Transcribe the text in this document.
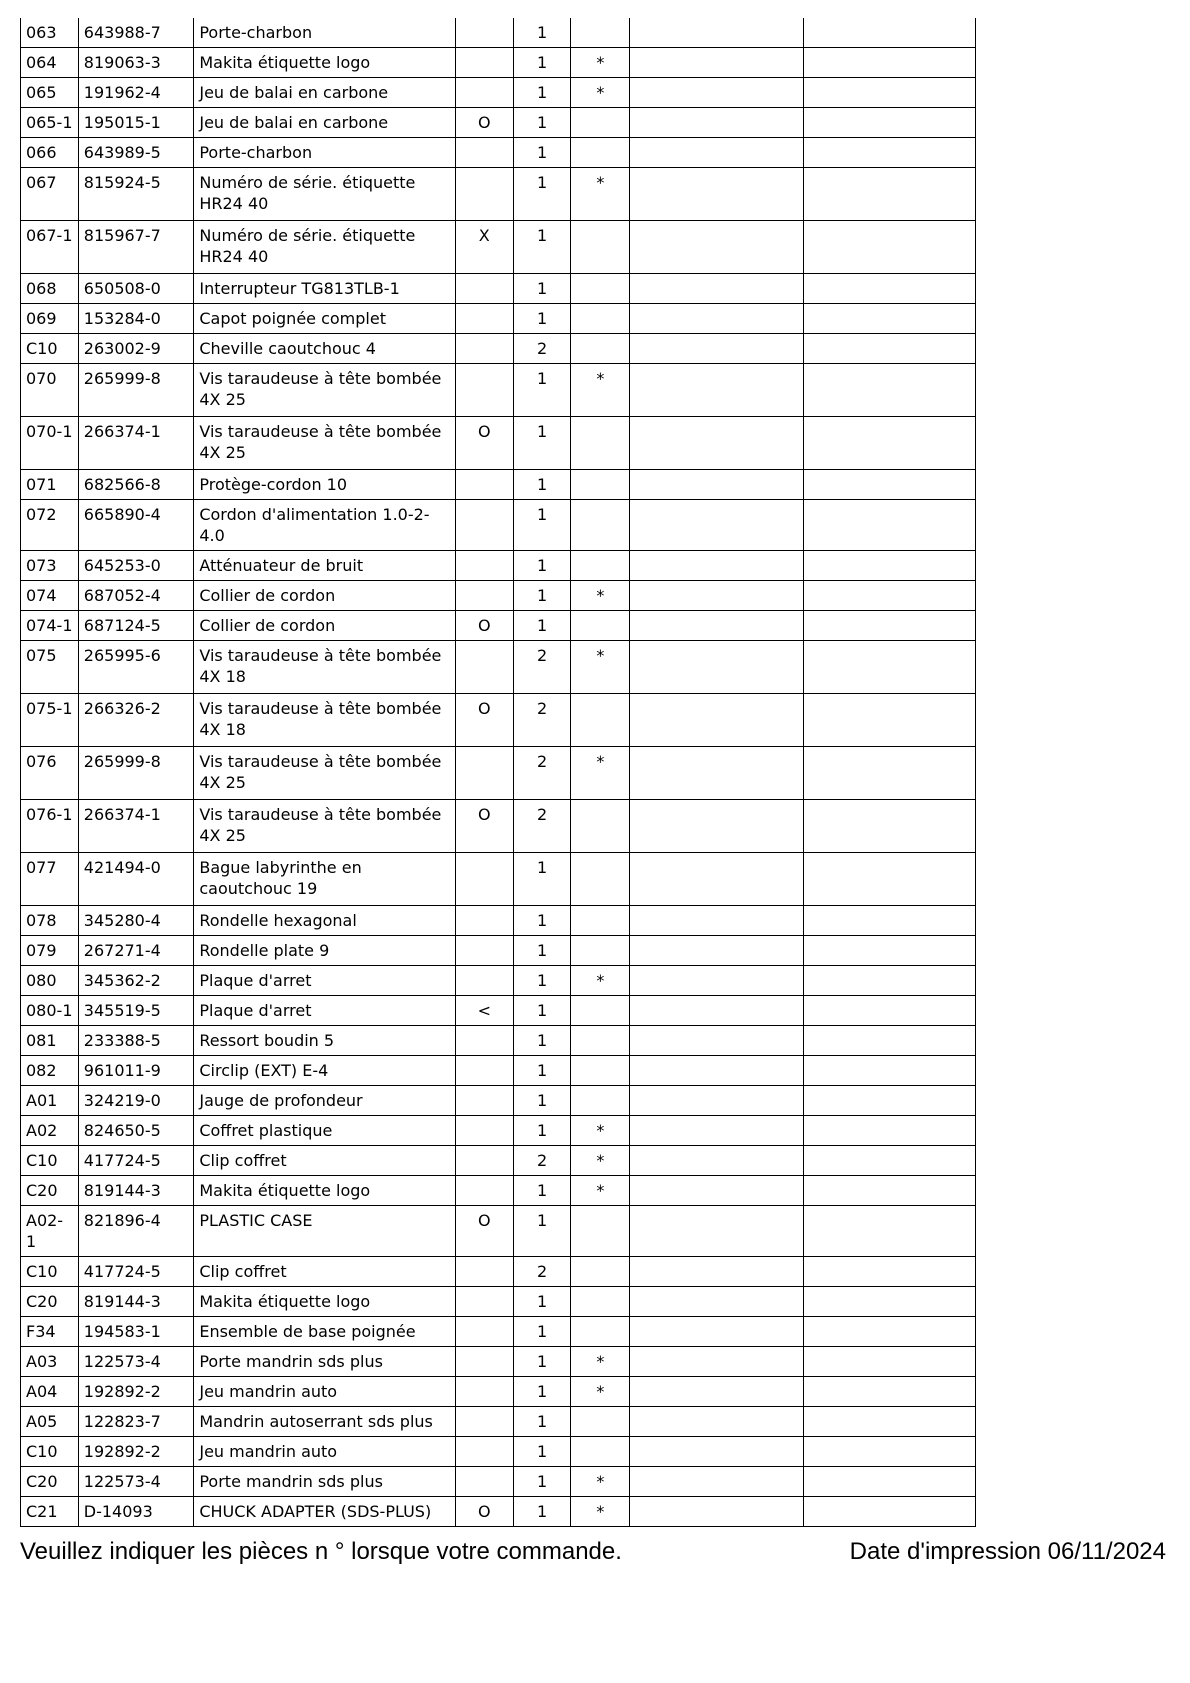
063	643988-7	Porte-charbon		1			
064	819063-3	Makita étiquette logo		1	*		
065	191962-4	Jeu de balai en carbone		1	*		
065-1	195015-1	Jeu de balai en carbone	O	1			
066	643989-5	Porte-charbon		1			
067	815924-5	Numéro de série. étiquette HR24 40		1	*		
067-1	815967-7	Numéro de série. étiquette HR24 40	X	1			
068	650508-0	Interrupteur TG813TLB-1		1			
069	153284-0	Capot poignée complet		1			
C10	263002-9	Cheville caoutchouc 4		2			
070	265999-8	Vis taraudeuse à tête bombée 4X 25		1	*		
070-1	266374-1	Vis taraudeuse à tête bombée 4X 25	O	1			
071	682566-8	Protège-cordon 10		1			
072	665890-4	Cordon d'alimentation 1.0-2-4.0		1			
073	645253-0	Atténuateur de bruit		1			
074	687052-4	Collier de cordon		1	*		
074-1	687124-5	Collier de cordon	O	1			
075	265995-6	Vis taraudeuse à tête bombée 4X 18		2	*		
075-1	266326-2	Vis taraudeuse à tête bombée 4X 18	O	2			
076	265999-8	Vis taraudeuse à tête bombée 4X 25		2	*		
076-1	266374-1	Vis taraudeuse à tête bombée 4X 25	O	2			
077	421494-0	Bague labyrinthe en caoutchouc 19		1			
078	345280-4	Rondelle hexagonal		1			
079	267271-4	Rondelle plate 9		1			
080	345362-2	Plaque d'arret		1	*		
080-1	345519-5	Plaque d'arret	<	1			
081	233388-5	Ressort boudin 5		1			
082	961011-9	Circlip (EXT) E-4		1			
A01	324219-0	Jauge de profondeur		1			
A02	824650-5	Coffret plastique		1	*		
C10	417724-5	Clip coffret		2	*		
C20	819144-3	Makita étiquette logo		1	*		
A02-1	821896-4	PLASTIC CASE	O	1			
C10	417724-5	Clip coffret		2			
C20	819144-3	Makita étiquette logo		1			
F34	194583-1	Ensemble de base poignée		1			
A03	122573-4	Porte mandrin sds plus		1	*		
A04	192892-2	Jeu mandrin auto		1	*		
A05	122823-7	Mandrin autoserrant sds plus		1			
C10	192892-2	Jeu mandrin auto		1			
C20	122573-4	Porte mandrin sds plus		1	*		
C21	D-14093	CHUCK ADAPTER (SDS-PLUS)	O	1	*		
Veuillez indiquer les pièces n ° lorsque votre commande.	Date d'impression 06/11/2024
